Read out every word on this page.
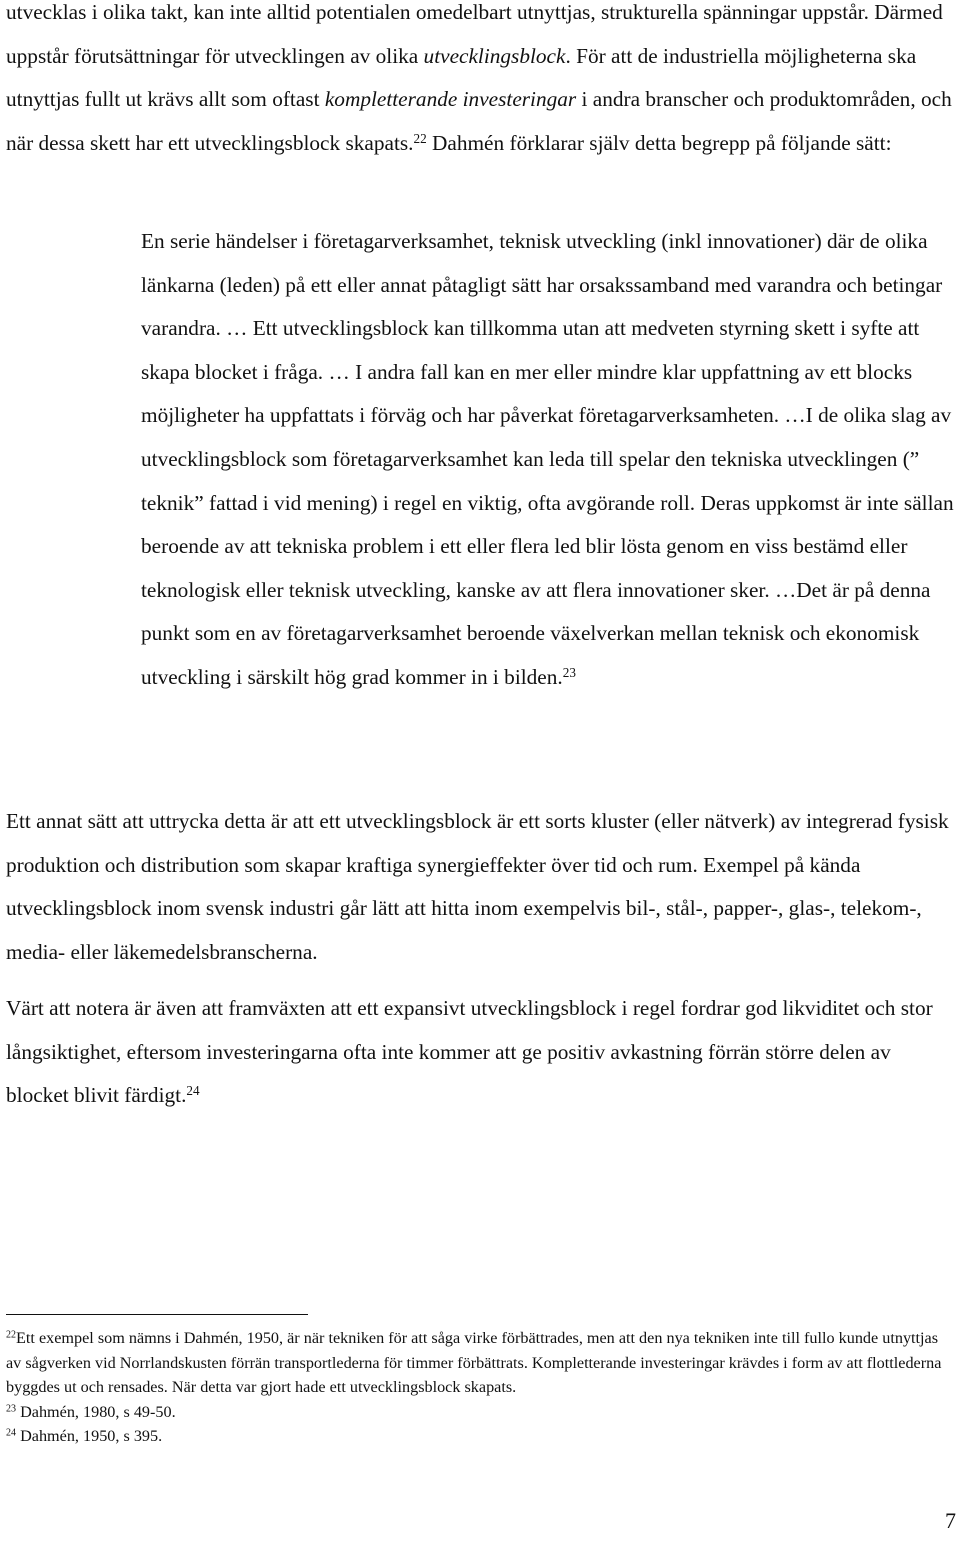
utvecklas i olika takt, kan inte alltid potentialen omedelbart utnyttjas, strukturella spänningar uppstår. Därmed uppstår förutsättningar för utvecklingen av olika utvecklingsblock. För att de industriella möjligheterna ska utnyttjas fullt ut krävs allt som oftast kompletterande investeringar i andra branscher och produktområden, och när dessa skett har ett utvecklingsblock skapats.$^{22}$ Dahmén förklarar själv detta begrepp på följande sätt:

En serie händelser i företagarverksamhet, teknisk utveckling (inkl innovationer) där de olika länkarna (leden) på ett eller annat påtagligt sätt har orsakssamband med varandra och betingar varandra. … Ett utvecklingsblock kan tillkomma utan att medveten styrning skett i syfte att skapa blocket i fråga. … I andra fall kan en mer eller mindre klar uppfattning av ett blocks möjligheter ha uppfattats i förväg och har påverkat företagarverksamheten. …I de olika slag av utvecklingsblock som företagarverksamhet kan leda till spelar den tekniska utvecklingen (” teknik” fattad i vid mening) i regel en viktig, ofta avgörande roll. Deras uppkomst är inte sällan beroende av att tekniska problem i ett eller flera led blir lösta genom en viss bestämd eller teknologisk eller teknisk utveckling, kanske av att flera innovationer sker. …Det är på denna punkt som en av företagarverksamhet beroende växelverkan mellan teknisk och ekonomisk utveckling i särskilt hög grad kommer in i bilden.$^{23}$

Ett annat sätt att uttrycka detta är att ett utvecklingsblock är ett sorts kluster (eller nätverk) av integrerad fysisk produktion och distribution som skapar kraftiga synergieffekter över tid och rum. Exempel på kända utvecklingsblock inom svensk industri går lätt att hitta inom exempelvis bil-, stål-, papper-, glas-, telekom-, media- eller läkemedelsbranscherna.

Värt att notera är även att framväxten att ett expansivt utvecklingsblock i regel fordrar god likviditet och stor långsiktighet, eftersom investeringarna ofta inte kommer att ge positiv avkastning förrän större delen av blocket blivit färdigt.$^{24}$

$^{22}$Ett exempel som nämns i Dahmén, 1950, är när tekniken för att såga virke förbättrades, men att den nya tekniken inte till fullo kunde utnyttjas av sågverken vid Norrlandskusten förrän transportlederna för timmer förbättrats. Kompletterande investeringar krävdes i form av att flottlederna byggdes ut och rensades. När detta var gjort hade ett utvecklingsblock skapats.

$^{23}$ Dahmén, 1980, s 49-50.

$^{24}$ Dahmén, 1950, s 395.

7
